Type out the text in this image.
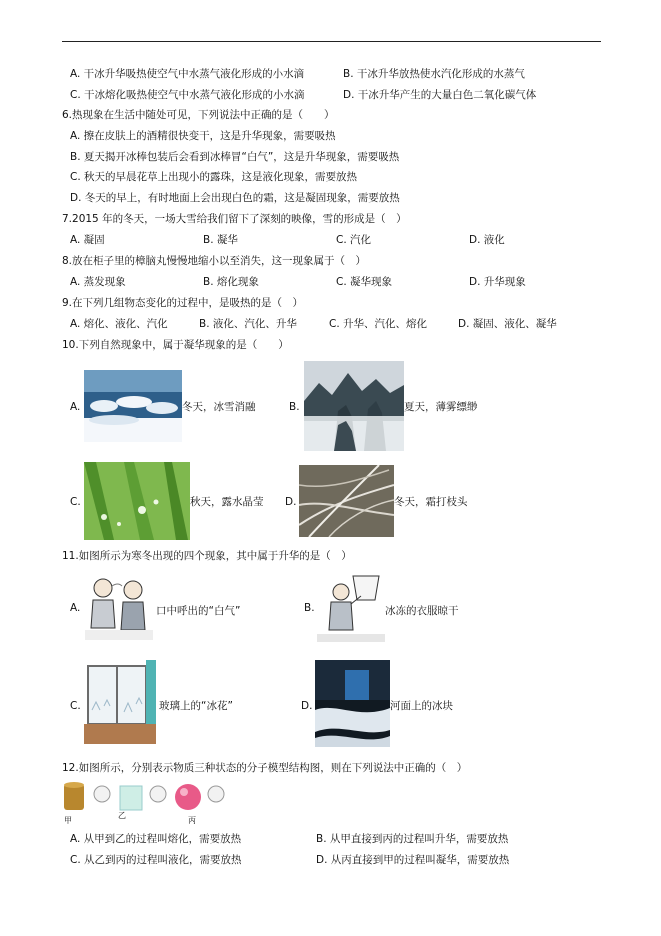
A. 干冰升华吸热使空气中水蒸气液化形成的小水滴	B. 干冰升华放热使水汽化形成的水蒸气
C. 干冰熔化吸热使空气中水蒸气液化形成的小水滴	D. 干冰升华产生的大量白色二氧化碳气体
6.热现象在生活中随处可见，下列说法中正确的是（　　）
A. 擦在皮肤上的酒精很快变干，这是升华现象，需要吸热
B. 夏天揭开冰棒包装后会看到冰棒冒“白气”，这是升华现象，需要吸热
C. 秋天的早晨花草上出现小的露珠，这是液化现象，需要放热
D. 冬天的早上，有时地面上会出现白色的霜，这是凝固现象，需要放热
7.2015 年的冬天，一场大雪给我们留下了深刻的映像，雪的形成是（　）
A. 凝固	B. 凝华	C. 汽化	D. 液化
8.放在柜子里的樟脑丸慢慢地缩小以至消失，这一现象属于（　）
A. 蒸发现象	B. 熔化现象	C. 凝华现象	D. 升华现象
9.在下列几组物态变化的过程中，是吸热的是（　）
A. 熔化、液化、汽化	B. 液化、汽化、升华	C. 升华、汽化、熔化	D. 凝固、液化、凝华
10.下列自然现象中，属于凝华现象的是（　　）
A.	冬天，冰雪消融	B.	夏天，薄雾缥缈
C.	秋天，露水晶莹 D.	冬天，霜打枝头
11.如图所示为寒冬出现的四个现象，其中属于升华的是（　）
A.	口中呼出的“白气”	B.	冰冻的衣服晾干
C.	玻璃上的“冰花”	D.	河面上的冰块
12.如图所示，分别表示物质三种状态的分子模型结构图，则在下列说法中正确的（　）
甲
乙
丙
A. 从甲到乙的过程叫熔化，需要放热	B. 从甲直接到丙的过程叫升华，需要放热
C. 从乙到丙的过程叫液化，需要放热	D. 从丙直接到甲的过程叫凝华，需要放热
